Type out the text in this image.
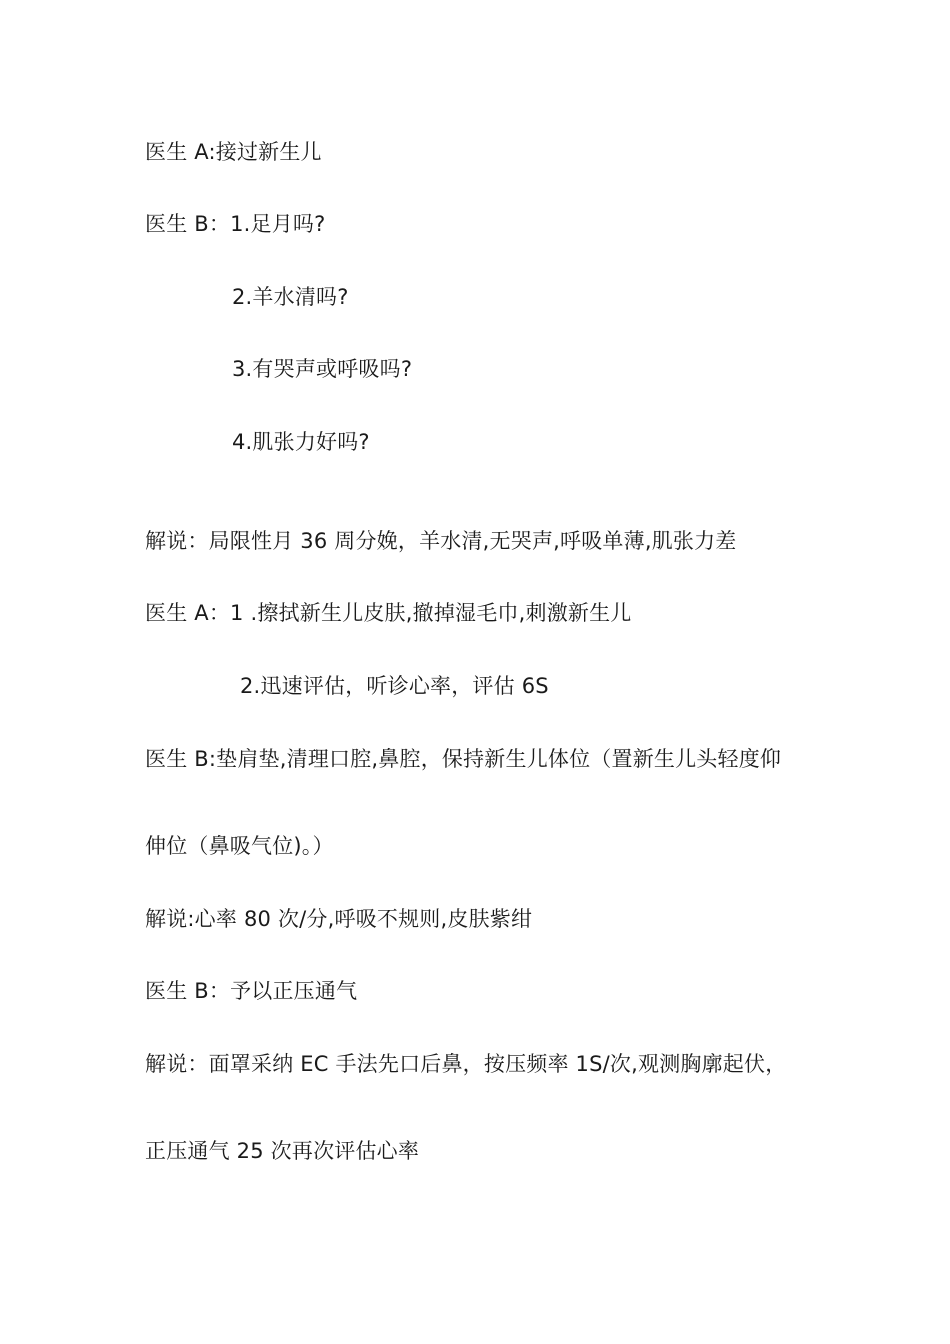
医生 A:接过新生儿
医生 B：1.足月吗?
2.羊水清吗?
3.有哭声或呼吸吗?
4.肌张力好吗?
解说：局限性月 36 周分娩，羊水清,无哭声,呼吸单薄,肌张力差
医生 A：1 .擦拭新生儿皮肤,撤掉湿毛巾,刺激新生儿
2.迅速评估，听诊心率，评估 6S
医生 B:垫肩垫,清理口腔,鼻腔，保持新生儿体位（置新生儿头轻度仰
伸位（鼻吸气位)。）
解说:心率 80 次/分,呼吸不规则,皮肤紫绀
医生 B：予以正压通气
解说：面罩采纳 EC 手法先口后鼻，按压频率 1S/次,观测胸廓起伏，
正压通气 25 次再次评估心率
